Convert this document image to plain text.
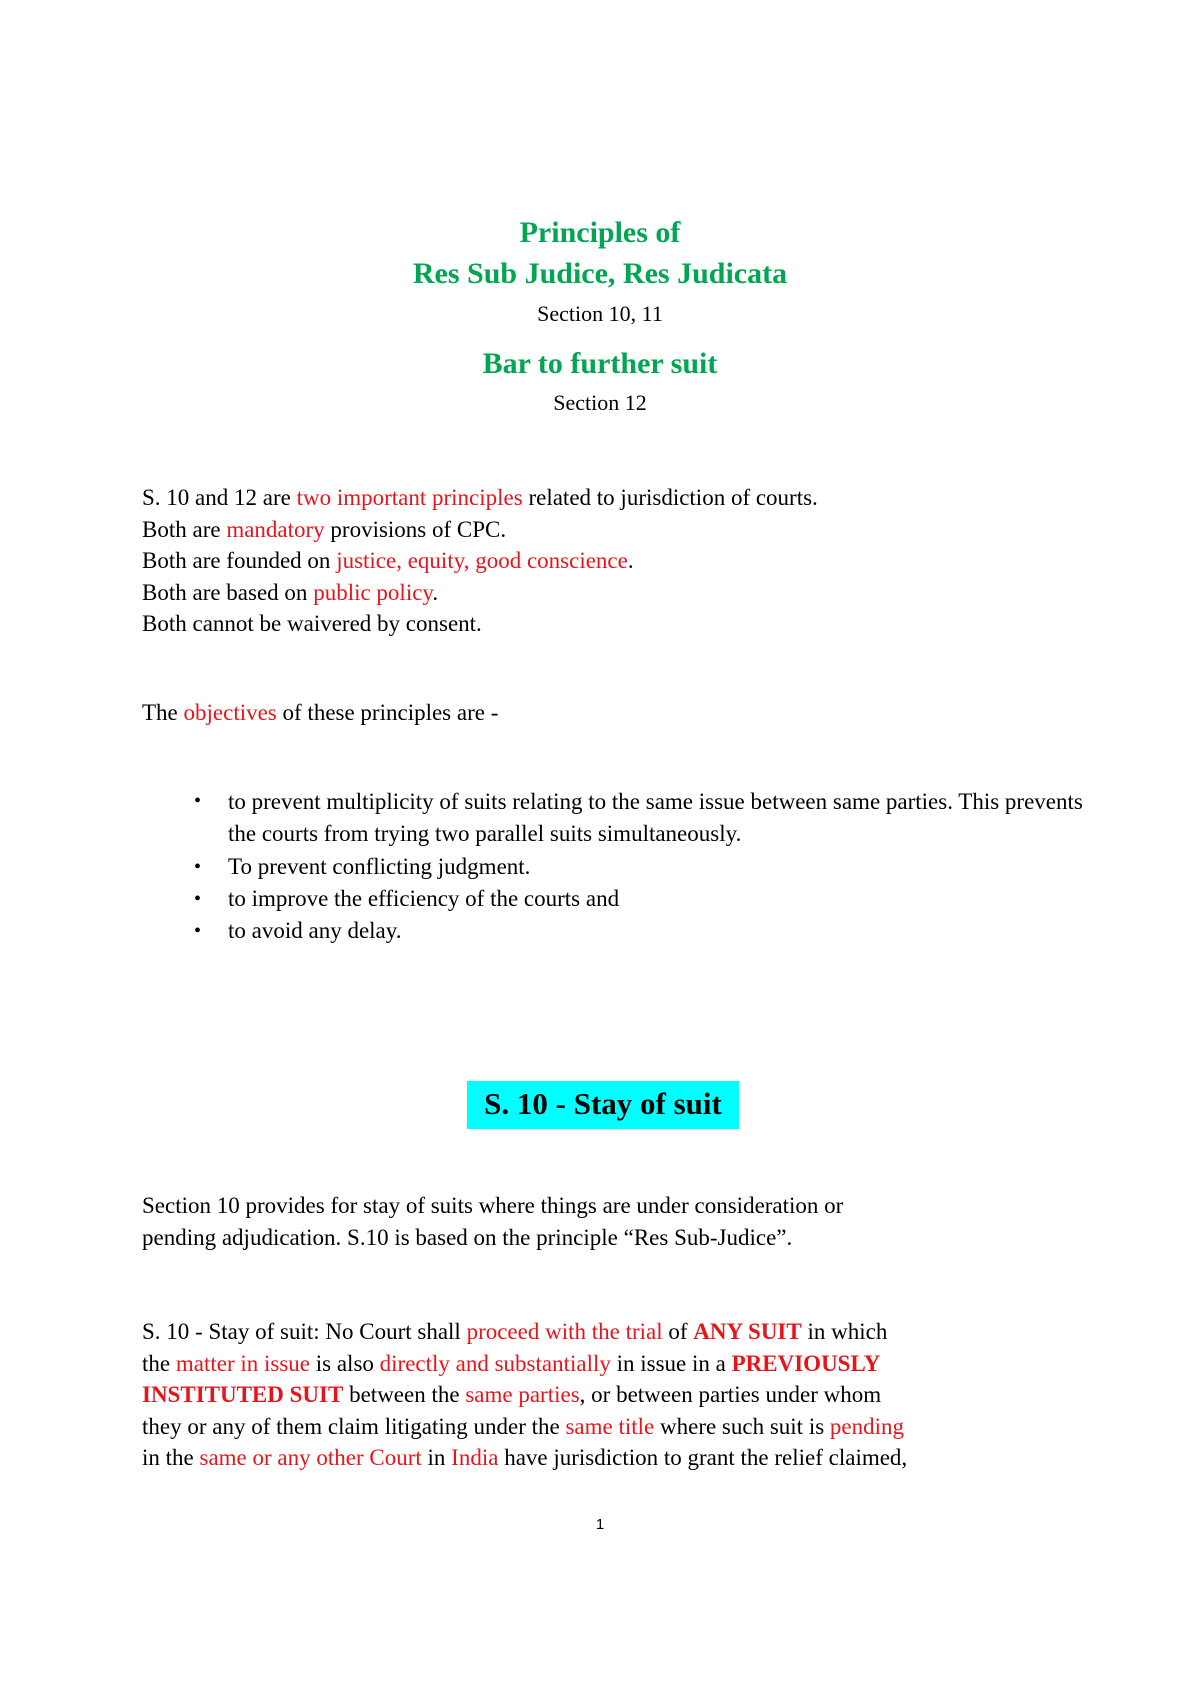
Principles of
Res Sub Judice, Res Judicata
Section 10, 11
Bar to further suit
Section 12
S. 10 and 12 are two important principles related to jurisdiction of courts.
Both are mandatory provisions of CPC.
Both are founded on justice, equity, good conscience.
Both are based on public policy.
Both cannot be waivered by consent.
The objectives of these principles are -
• to prevent multiplicity of suits relating to the same issue between same parties. This prevents the courts from trying two parallel suits simultaneously.
• To prevent conflicting judgment.
• to improve the efficiency of the courts and
• to avoid any delay.
S. 10 - Stay of suit
Section 10 provides for stay of suits where things are under consideration or
pending adjudication. S.10 is based on the principle “Res Sub-Judice”.
S. 10 - Stay of suit: No Court shall proceed with the trial of ANY SUIT in which
the matter in issue is also directly and substantially in issue in a PREVIOUSLY
INSTITUTED SUIT between the same parties, or between parties under whom
they or any of them claim litigating under the same title where such suit is pending
in the same or any other Court in India have jurisdiction to grant the relief claimed,
1
